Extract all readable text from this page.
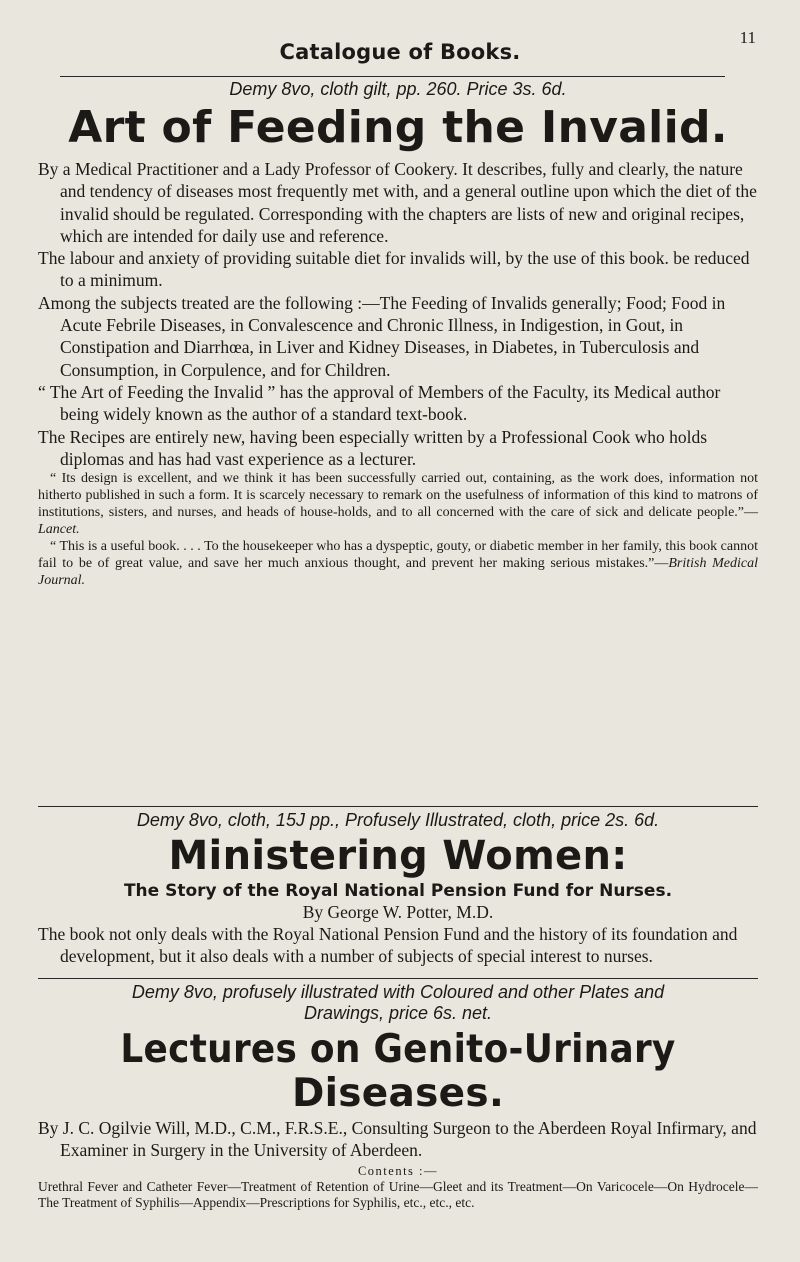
Catalogue of Books.
11
Demy 8vo, cloth gilt, pp. 260. Price 3s. 6d.
Art of Feeding the Invalid.

By a Medical Practitioner and a Lady Professor of Cookery. It describes, fully and clearly, the nature and tendency of diseases most frequently met with, and a general outline upon which the diet of the invalid should be regulated. Corresponding with the chapters are lists of new and original recipes, which are intended for daily use and reference.

The labour and anxiety of providing suitable diet for invalids will, by the use of this book. be reduced to a minimum.

Among the subjects treated are the following :—The Feeding of Invalids generally; Food; Food in Acute Febrile Diseases, in Convalescence and Chronic Illness, in Indigestion, in Gout, in Constipation and Diarrhœa, in Liver and Kidney Diseases, in Diabetes, in Tuberculosis and Consumption, in Corpulence, and for Children.

“ The Art of Feeding the Invalid ” has the approval of Members of the Faculty, its Medical author being widely known as the author of a standard text-book.

The Recipes are entirely new, having been especially written by a Professional Cook who holds diplomas and has had vast experience as a lecturer.

“ Its design is excellent, and we think it has been successfully carried out, containing, as the work does, information not hitherto published in such a form. It is scarcely necessary to remark on the usefulness of information of this kind to matrons of institutions, sisters, and nurses, and heads of house-holds, and to all concerned with the care of sick and delicate people.”—Lancet.

“ This is a useful book. . . . To the housekeeper who has a dyspeptic, gouty, or diabetic member in her family, this book cannot fail to be of great value, and save her much anxious thought, and prevent her making serious mistakes.”—British Medical Journal.

Demy 8vo, cloth, 15J pp., Profusely Illustrated, cloth, price 2s. 6d.
Ministering Women:
The Story of the Royal National Pension Fund for Nurses.
By George W. Potter, M.D.

The book not only deals with the Royal National Pension Fund and the history of its foundation and development, but it also deals with a number of subjects of special interest to nurses.

Demy 8vo, profusely illustrated with Coloured and other Plates and
Drawings, price 6s. net.
Lectures on Genito-Urinary
Diseases.

By J. C. Ogilvie Will, M.D., C.M., F.R.S.E., Consulting Surgeon to the Aberdeen Royal Infirmary, and Examiner in Surgery in the University of Aberdeen.

Contents :—

Urethral Fever and Catheter Fever—Treatment of Retention of Urine—Gleet and its Treatment—On Varicocele—On Hydrocele—The Treatment of Syphilis—Appendix—Prescriptions for Syphilis, etc., etc., etc.
